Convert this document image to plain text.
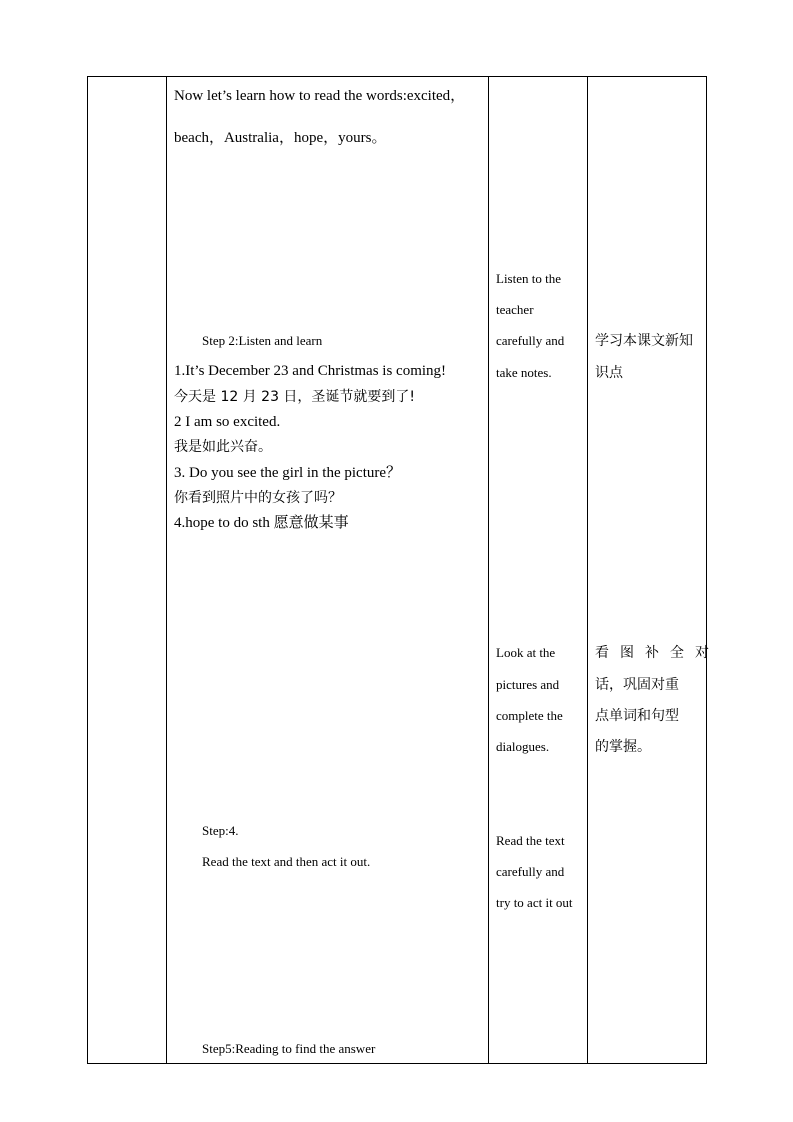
Now let’s learn how to read the words:excited，
beach，Australia，hope，yours。
Step 2:Listen and learn
1.It’s December 23 and Christmas is coming!
今天是 12 月 23 日，圣诞节就要到了!
2 I am so excited.
我是如此兴奋。
3. Do you see the girl in the picture？
你看到照片中的女孩了吗？
4.hope to do sth 愿意做某事
Step:4.
Read the text and then act it out.
Step5:Reading to find the answer
Listen to the
teacher
carefully and
take notes.
Look at the
pictures and
complete the
dialogues.
Read the text
carefully and
try to act it out
学习本课文新知
识点
看图补全对
话，巩固对重
点单词和句型
的掌握。
